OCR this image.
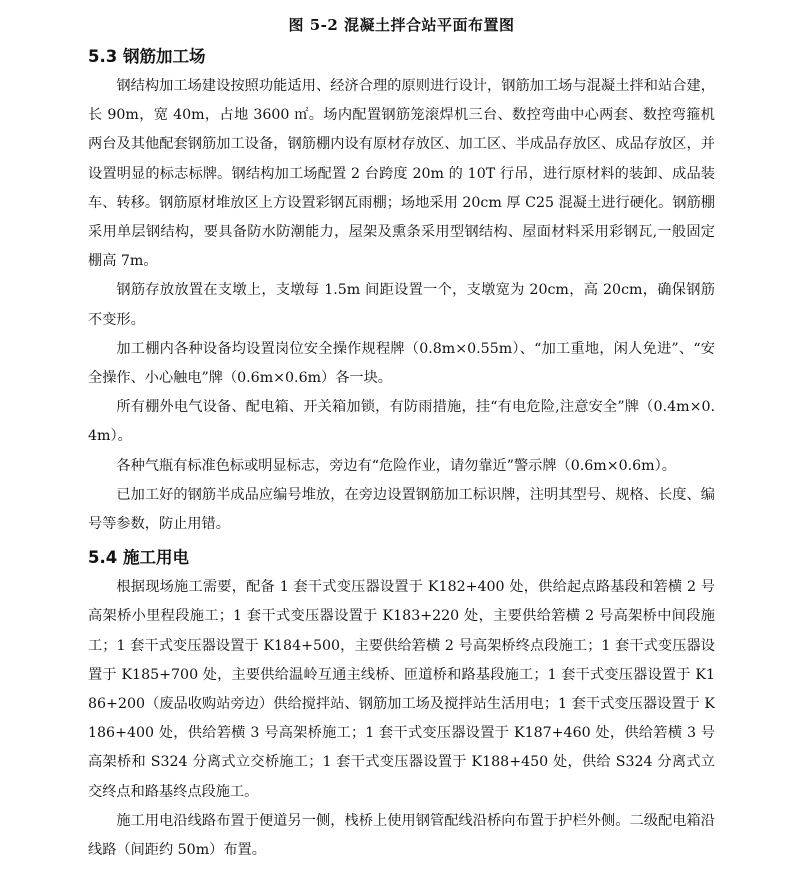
图 5-2 混凝土拌合站平面布置图
5.3 钢筋加工场

钢结构加工场建设按照功能适用、经济合理的原则进行设计，钢筋加工场与混凝土拌和站合建，长 90m，宽 40m，占地 3600 ㎡。场内配置钢筋笼滚焊机三台、数控弯曲中心两套、数控弯箍机两台及其他配套钢筋加工设备，钢筋棚内设有原材存放区、加工区、半成品存放区、成品存放区，并设置明显的标志标牌。钢结构加工场配置 2 台跨度 20m 的 10T 行吊，进行原材料的装卸、成品装车、转移。钢筋原材堆放区上方设置彩钢瓦雨棚；场地采用 20cm 厚 C25 混凝土进行硬化。钢筋棚采用单层钢结构，要具备防水防潮能力，屋架及熏条采用型钢结构、屋面材料采用彩钢瓦,一般固定棚高 7m。

钢筋存放放置在支墩上，支墩每 1.5m 间距设置一个，支墩宽为 20cm，高 20cm，确保钢筋不变形。

加工棚内各种设备均设置岗位安全操作规程牌（0.8m×0.55m）、“加工重地，闲人免进”、“安全操作、小心触电”牌（0.6m×0.6m）各一块。

所有棚外电气设备、配电箱、开关箱加锁，有防雨措施，挂“有电危险,注意安全”牌（0.4m×0.4m）。

各种气瓶有标准色标或明显标志，旁边有“危险作业，请勿靠近”警示牌（0.6m×0.6m）。

已加工好的钢筋半成品应编号堆放，在旁边设置钢筋加工标识牌，注明其型号、规格、长度、编号等参数，防止用错。

5.4 施工用电

根据现场施工需要，配备 1 套干式变压器设置于 K182+400 处，供给起点路基段和箬横 2 号高架桥小里程段施工；1 套干式变压器设置于 K183+220 处，主要供给箬横 2 号高架桥中间段施工；1 套干式变压器设置于 K184+500，主要供给箬横 2 号高架桥终点段施工；1 套干式变压器设置于 K185+700 处，主要供给温岭互通主线桥、匝道桥和路基段施工；1 套干式变压器设置于 K186+200（废品收购站旁边）供给搅拌站、钢筋加工场及搅拌站生活用电；1 套干式变压器设置于 K186+400 处，供给箬横 3 号高架桥施工；1 套干式变压器设置于 K187+460 处，供给箬横 3 号高架桥和 S324 分离式立交桥施工；1 套干式变压器设置于 K188+450 处，供给 S324 分离式立交终点和路基终点段施工。

施工用电沿线路布置于便道另一侧，栈桥上使用钢管配线沿桥向布置于护栏外侧。二级配电箱沿线路（间距约 50m）布置。
